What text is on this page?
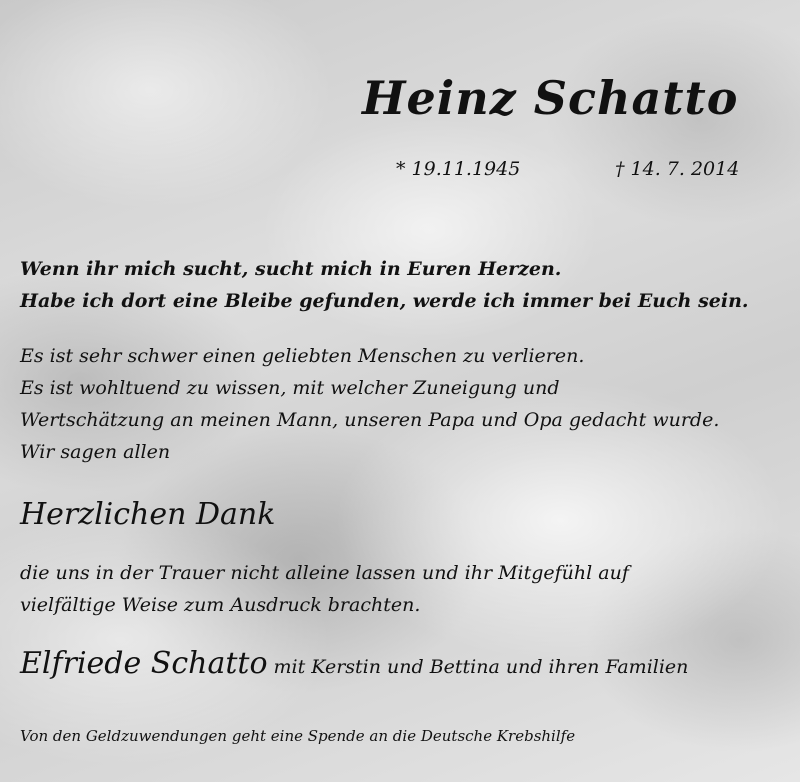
Heinz Schatto
* 19.11.1945	† 14. 7. 2014
Wenn ihr mich sucht, sucht mich in Euren Herzen.
Habe ich dort eine Bleibe gefunden, werde ich immer bei Euch sein.
Es ist sehr schwer einen geliebten Menschen zu verlieren.
Es ist wohltuend zu wissen, mit welcher Zuneigung und
Wertschätzung an meinen Mann, unseren Papa und Opa gedacht wurde.
Wir sagen allen
Herzlichen Dank
die uns in der Trauer nicht alleine lassen und ihr Mitgefühl auf
vielfältige Weise zum Ausdruck brachten.
Elfriede Schatto mit Kerstin und Bettina und ihren Familien
Von den Geldzuwendungen geht eine Spende an die Deutsche Krebshilfe
